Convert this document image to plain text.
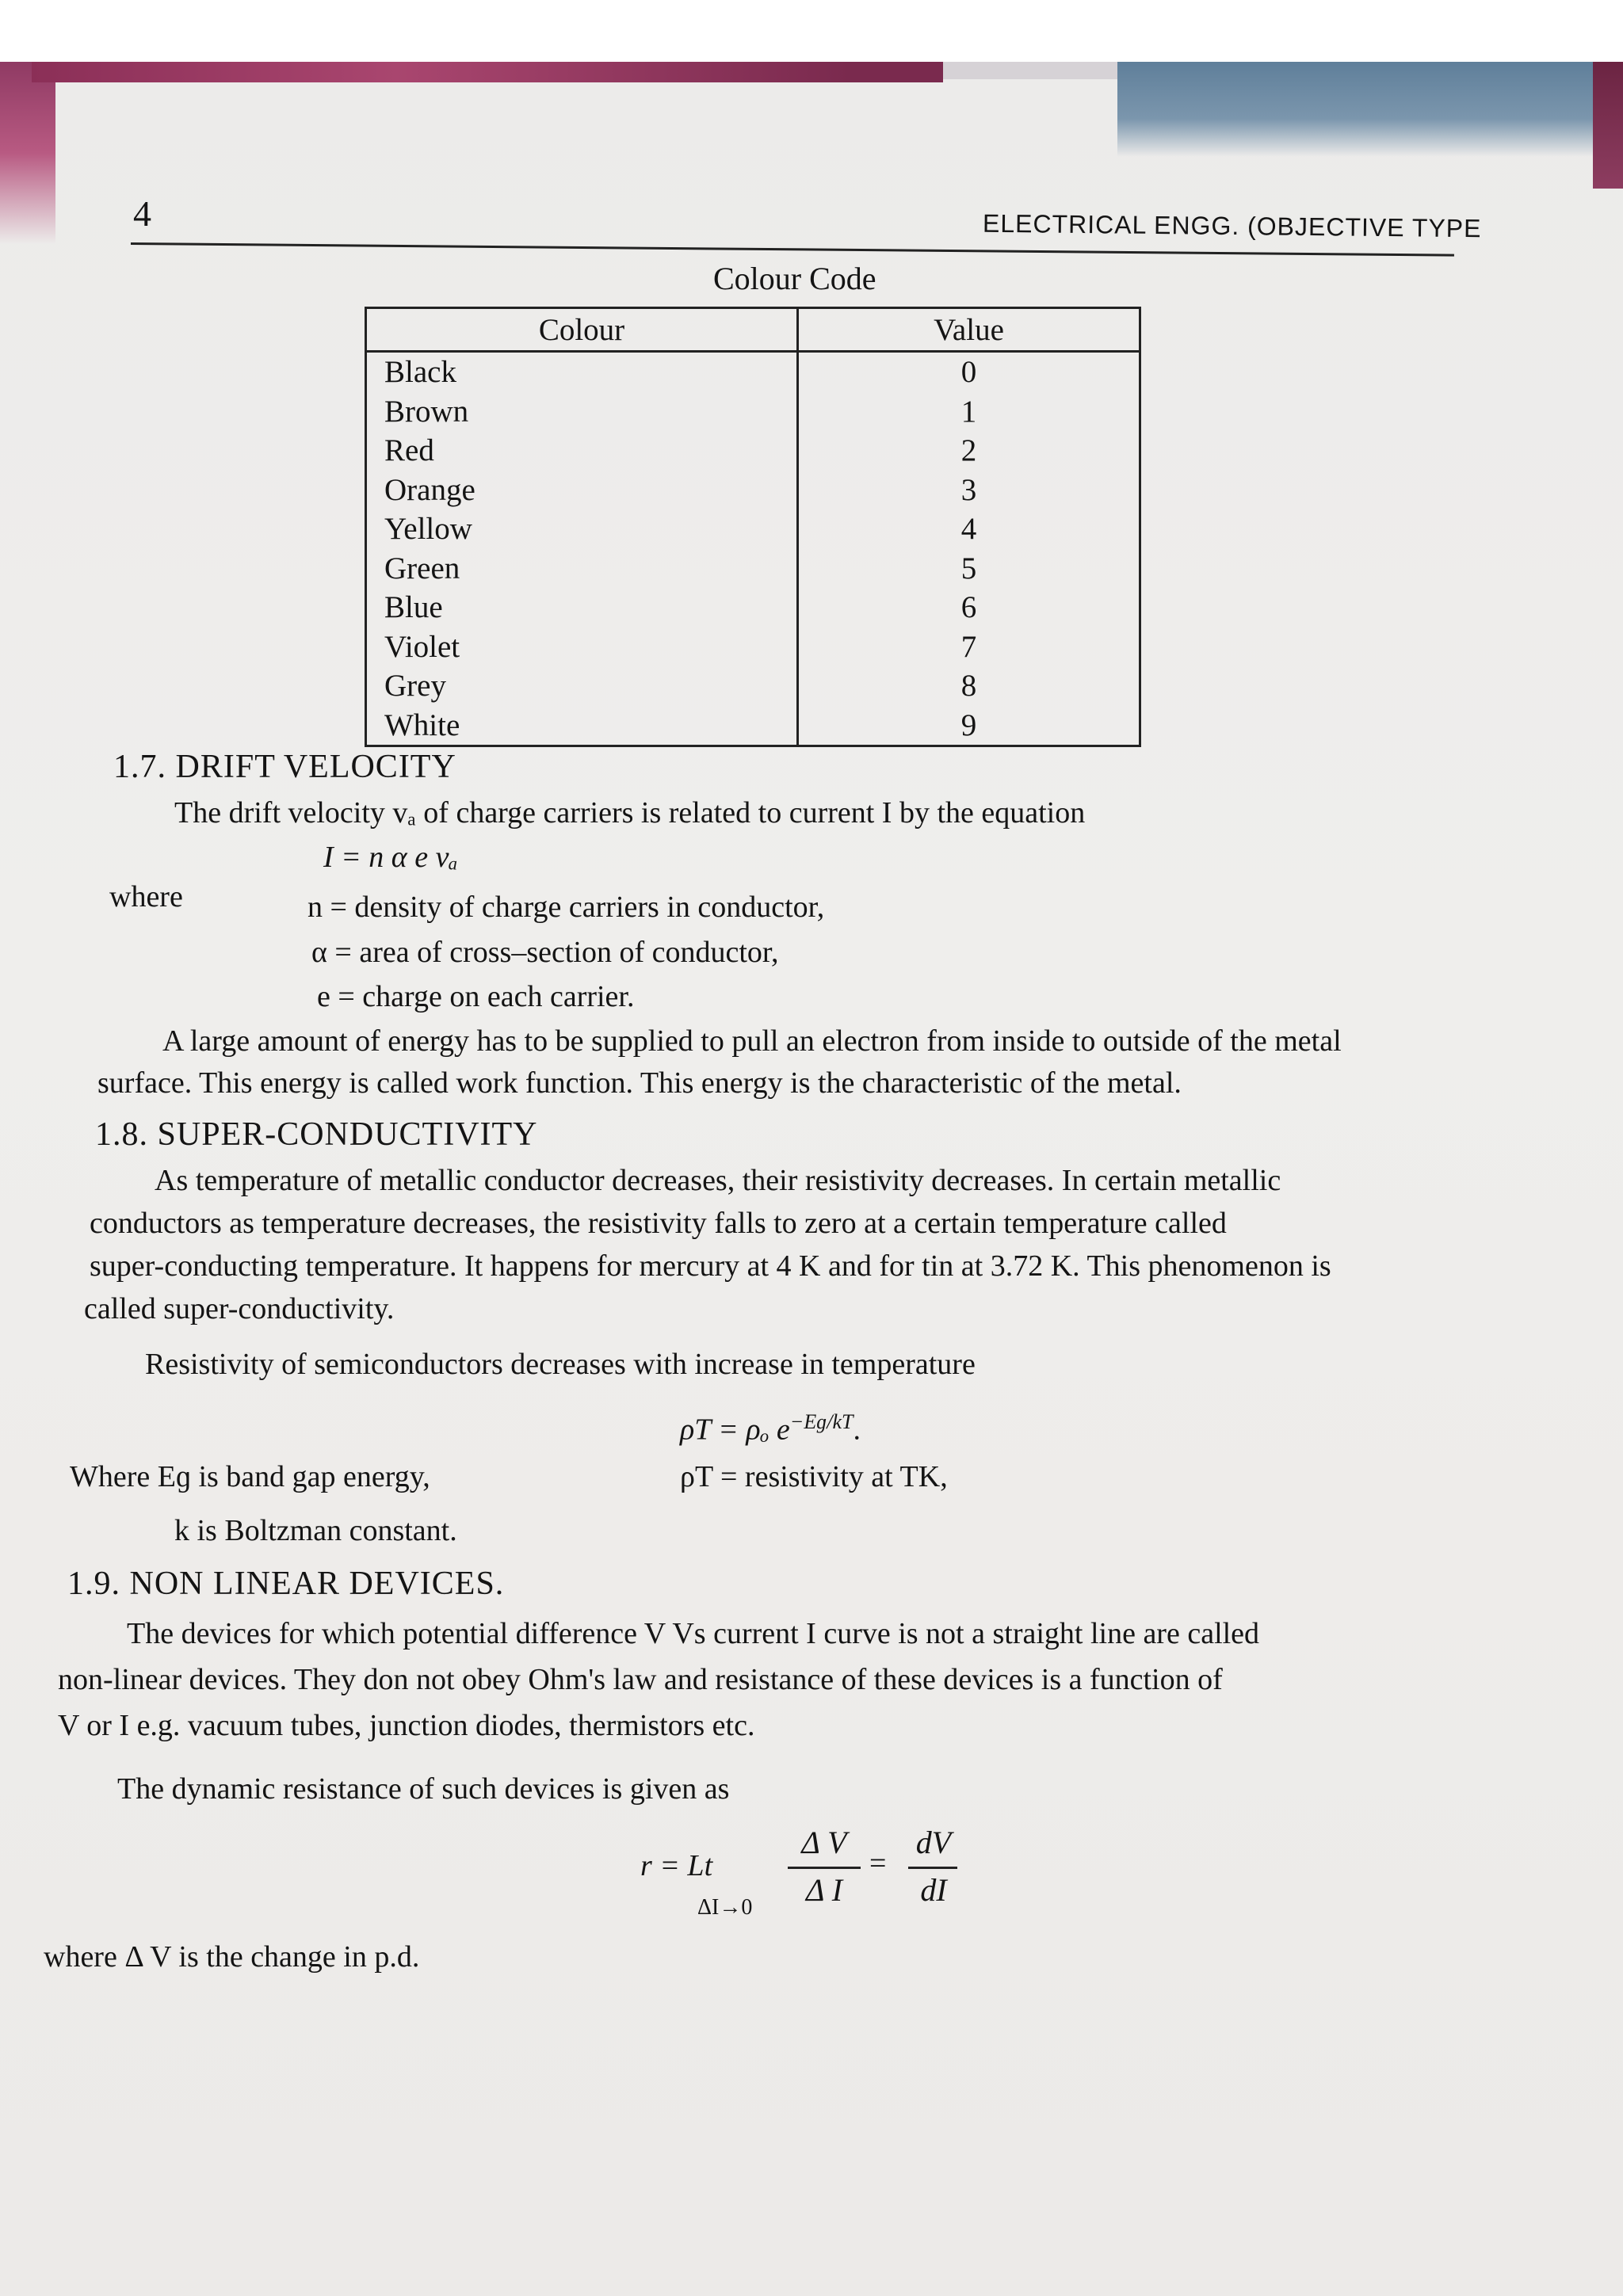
4	ELECTRICAL ENGG. (OBJECTIVE TYPE
Colour Code
Colour	Value
Black	0
Brown	1
Red	2
Orange	3
Yellow	4
Green	5
Blue	6
Violet	7
Grey	8
White	9
1.7. DRIFT VELOCITY
The drift velocity vₐ of charge carriers is related to current I by the equation
I = n α e vₐ
where	n = density of charge carriers in conductor,
α = area of cross–section of conductor,
e = charge on each carrier.
A large amount of energy has to be supplied to pull an electron from inside to outside of the metal
surface. This energy is called work function. This energy is the characteristic of the metal.
1.8. SUPER-CONDUCTIVITY
As temperature of metallic conductor decreases, their resistivity decreases. In certain metallic
conductors as temperature decreases, the resistivity falls to zero at a certain temperature called
super-conducting temperature. It happens for mercury at 4 K and for tin at 3.72 K. This phenomenon is
called super-conductivity.
Resistivity of semiconductors decreases with increase in temperature
ρT = ρₒ $e^{-Eɡ/kT}$.
Where Eɡ is band gap energy,	ρT = resistivity at TK,
k is Boltzman constant.
1.9. NON LINEAR DEVICES.
The devices for which potential difference V Vs current I curve is not a straight line are called
non-linear devices. They don not obey Ohm's law and resistance of these devices is a function of
V or I e.g. vacuum tubes, junction diodes, thermistors etc.
The dynamic resistance of such devices is given as
r = Lt
ΔI→0
Δ V
Δ I
=
dV
dI
where Δ V is the change in p.d.
